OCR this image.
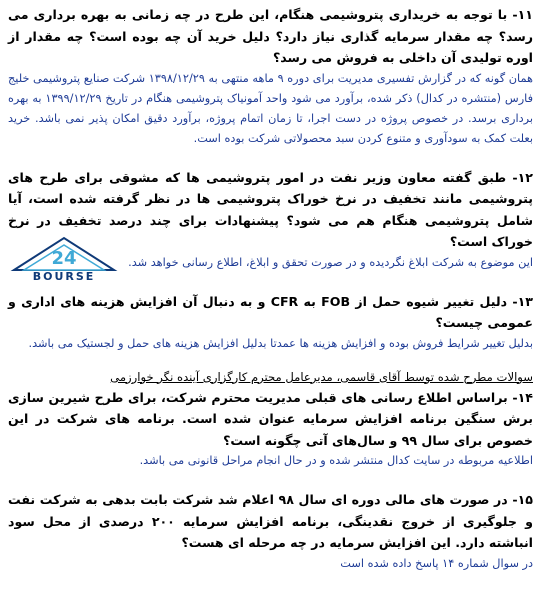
۱۱- با توجه به خریداری پتروشیمی هنگام، این طرح در چه زمانی به بهره برداری می رسد؟ چه مقدار سرمایه گذاری نیاز دارد؟ دلیل خرید آن چه بوده است؟ چه مقدار از اوره تولیدی آن داخلی به فروش می رسد؟

همان گونه که در گزارش تفسیری مدیریت برای دوره ۹ ماهه منتهی به ۱۳۹۸/۱۲/۲۹ شرکت صنایع پتروشیمی خلیج فارس (منتشره در کدال) ذکر شده، برآورد می شود واحد آمونیاک پتروشیمی هنگام در تاریخ ۱۳۹۹/۱۲/۲۹ به بهره برداری برسد. در خصوص پروژه در دست اجرا، تا زمان اتمام پروژه، برآورد دقیق امکان پذیر نمی باشد. خرید بعلت کمک به سودآوری و متنوع کردن سبد محصولاتی شرکت بوده است.

۱۲- طبق گفته معاون وزیر نفت در امور پتروشیمی ها که مشوقی برای طرح های پتروشیمی مانند تخفیف در نرخ خوراک پتروشیمی ها در نظر گرفته شده است، آیا شامل پتروشیمی هنگام هم می شود؟ پیشنهادات برای چند درصد تخفیف در نرخ خوراک است؟

این موضوع به شرکت ابلاغ نگردیده و در صورت تحقق و ابلاغ، اطلاع رسانی خواهد شد.

۱۳- دلیل تغییر شیوه حمل از FOB به CFR و به دنبال آن افزایش هزینه های اداری و عمومی چیست؟

بدلیل تغییر شرایط فروش بوده و افزایش هزینه ها عمدتا بدلیل افزایش هزینه های حمل و لجستیک می باشد.

سوالات مطرح شده توسط آقای قاسمی، مدیرعامل محترم کارگزاری آینده نگر خوارزمی

۱۴- براساس اطلاع رسانی های قبلی مدیریت محترم شرکت، برای طرح شیرین سازی برش سنگین برنامه افزایش سرمایه عنوان شده است. برنامه های شرکت در این خصوص برای سال ۹۹ و سال‌های آتی چگونه است؟

اطلاعیه مربوطه در سایت کدال منتشر شده و در حال انجام مراحل قانونی می باشد.

۱۵- در صورت های مالی دوره ای سال ۹۸ اعلام شد شرکت بابت بدهی به شرکت نفت و جلوگیری از خروج نقدینگی، برنامه افزایش سرمایه ۲۰۰ درصدی از محل سود انباشته دارد. این افزایش سرمایه در چه مرحله ای هست؟

در سوال شماره ۱۴ پاسخ داده شده است

24
BOURSE
